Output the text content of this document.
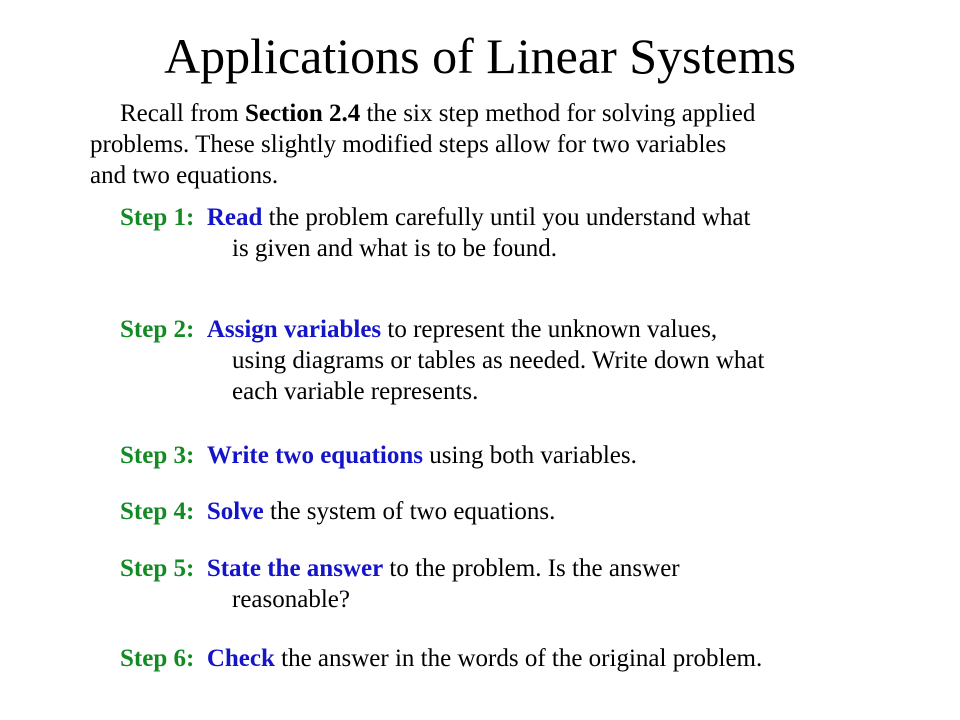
Applications of Linear Systems
Recall from Section 2.4 the six step method for solving applied
problems. These slightly modified steps allow for two variables
and two equations.
Step 1: Read the problem carefully until you understand what
is given and what is to be found.
Step 2: Assign variables to represent the unknown values,
using diagrams or tables as needed. Write down what
each variable represents.
Step 3: Write two equations using both variables.
Step 4: Solve the system of two equations.
Step 5: State the answer to the problem. Is the answer
reasonable?
Step 6: Check the answer in the words of the original problem.
